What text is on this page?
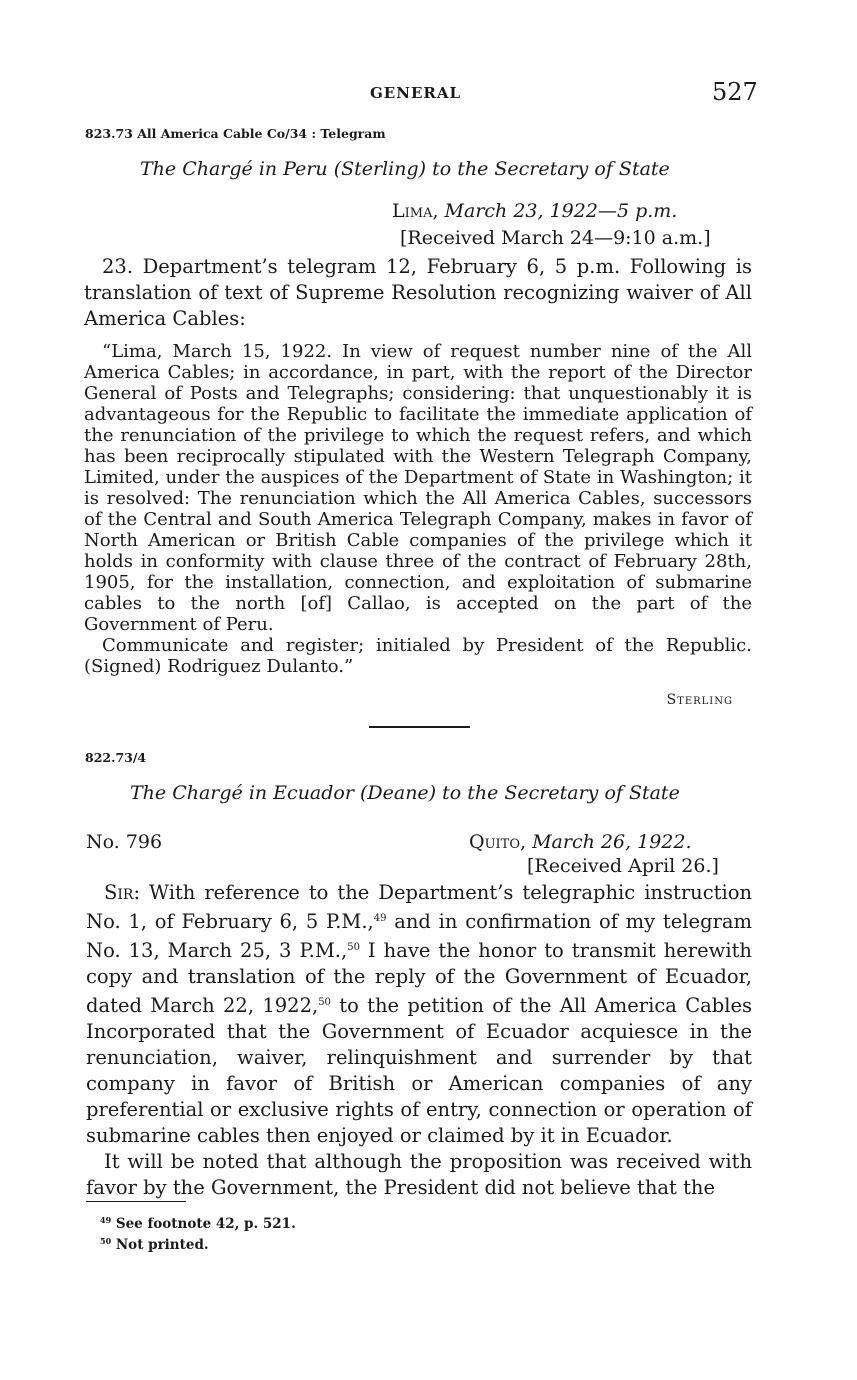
GENERAL	527
823.73 All America Cable Co/34 : Telegram
The Chargé in Peru (Sterling) to the Secretary of State
Lima, March 23, 1922—5 p.m.
[Received March 24—9:10 a.m.]

23. Department’s telegram 12, February 6, 5 p.m. Following is translation of text of Supreme Resolution recognizing waiver of All America Cables:

“Lima, March 15, 1922. In view of request number nine of the All America Cables; in accordance, in part, with the report of the Director General of Posts and Telegraphs; considering: that unquestionably it is advantageous for the Republic to facilitate the immediate application of the renunciation of the privilege to which the request refers, and which has been reciprocally stipulated with the Western Telegraph Company, Limited, under the auspices of the Department of State in Washington; it is resolved: The renunciation which the All America Cables, successors of the Central and South America Telegraph Company, makes in favor of North American or British Cable companies of the privilege which it holds in conformity with clause three of the contract of February 28th, 1905, for the installation, connection, and exploitation of submarine cables to the north [of] Callao, is accepted on the part of the Government of Peru.

Communicate and register; initialed by President of the Republic. (Signed) Rodriguez Dulanto.”

Sterling
822.73/4
The Chargé in Ecuador (Deane) to the Secretary of State
No. 796	Quito, March 26, 1922.
[Received April 26.]

Sir: With reference to the Department’s telegraphic instruction No. 1, of February 6, 5 P.M.,$^{49}$ and in confirmation of my telegram No. 13, March 25, 3 P.M.,$^{50}$ I have the honor to transmit herewith copy and translation of the reply of the Government of Ecuador, dated March 22, 1922,50 to the petition of the All America Cables Incorporated that the Government of Ecuador acquiesce in the renunciation, waiver, relinquishment and surrender by that company in favor of British or American companies of any preferential or exclusive rights of entry, connection or operation of submarine cables then enjoyed or claimed by it in Ecuador.

It will be noted that although the proposition was received with favor by the Government, the President did not believe that the

$^{49}$ See footnote 42, p. 521.
$^{50}$ Not printed.
